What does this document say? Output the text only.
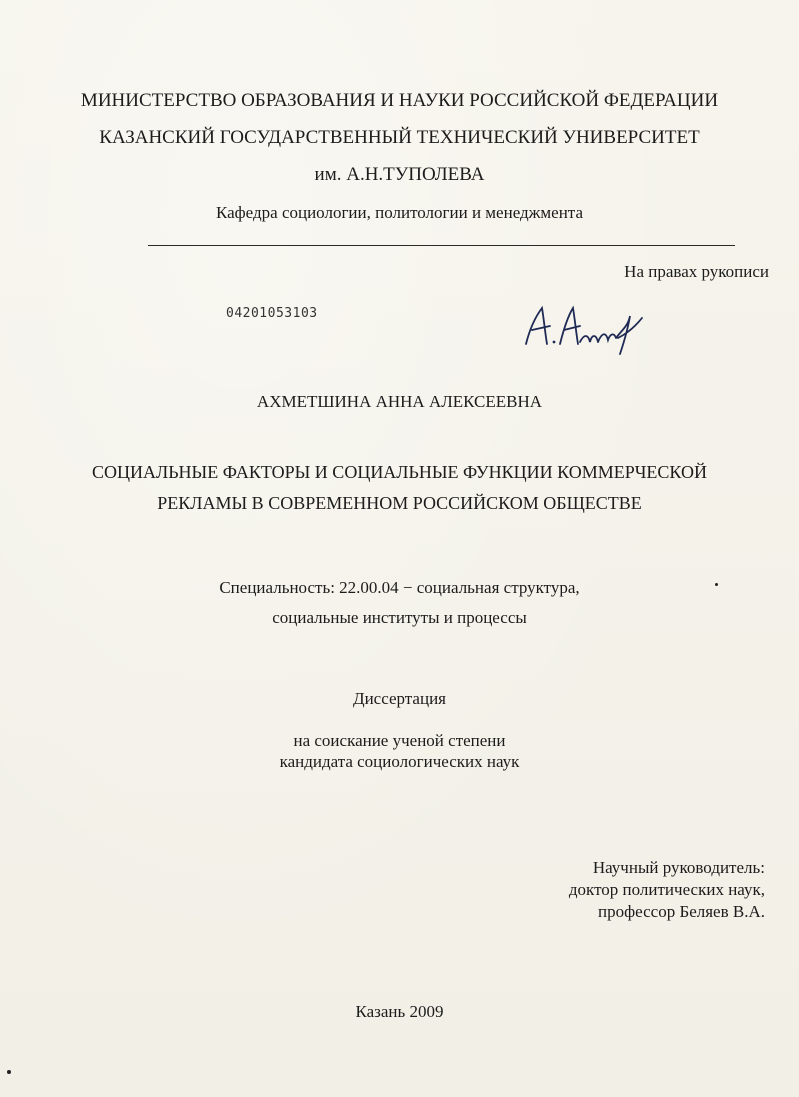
МИНИСТЕРСТВО ОБРАЗОВАНИЯ И НАУКИ РОССИЙСКОЙ ФЕДЕРАЦИИ
КАЗАНСКИЙ ГОСУДАРСТВЕННЫЙ ТЕХНИЧЕСКИЙ УНИВЕРСИТЕТ
им. А.Н.ТУПОЛЕВА
Кафедра социологии, политологии и менеджмента
На правах рукописи
04201053103
АХМЕТШИНА АННА АЛЕКСЕЕВНА
СОЦИАЛЬНЫЕ ФАКТОРЫ И СОЦИАЛЬНЫЕ ФУНКЦИИ КОММЕРЧЕСКОЙ
РЕКЛАМЫ В СОВРЕМЕННОМ РОССИЙСКОМ ОБЩЕСТВЕ
Специальность: 22.00.04 − социальная структура,
социальные институты и процессы
Диссертация
на соискание ученой степени
кандидата социологических наук
Научный руководитель:
доктор политических наук,
профессор Беляев В.А.
Казань 2009
